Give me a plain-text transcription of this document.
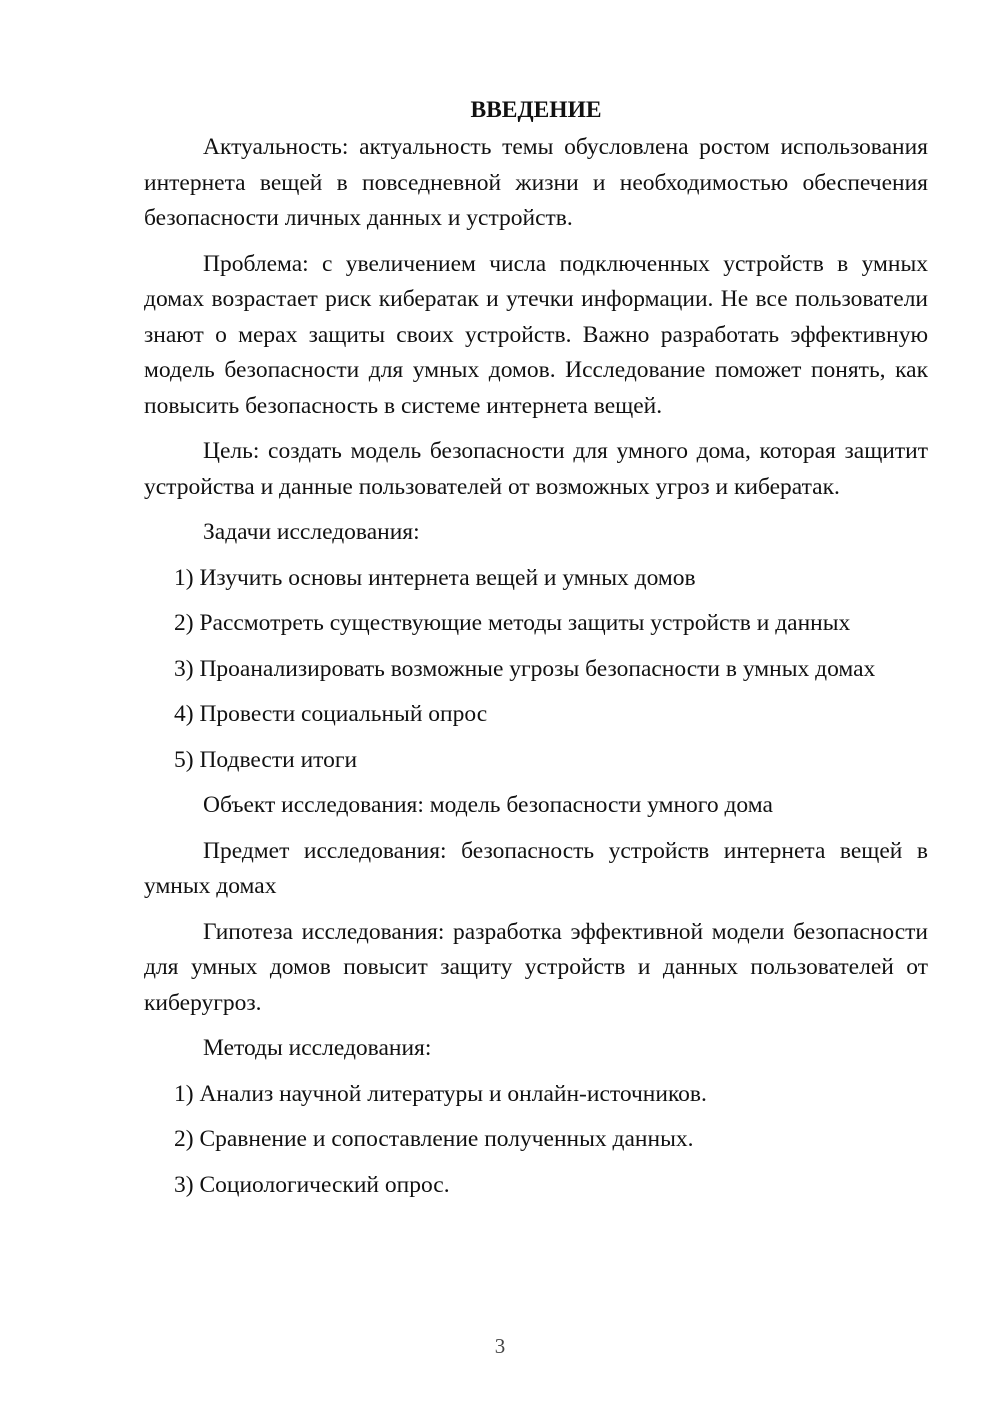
ВВЕДЕНИЕ

Актуальность: актуальность темы обусловлена ростом использования интернета вещей в повседневной жизни и необходимостью обеспечения безопасности личных данных и устройств.

Проблема: с увеличением числа подключенных устройств в умных домах возрастает риск кибератак и утечки информации. Не все пользователи знают о мерах защиты своих устройств. Важно разработать эффективную модель безопасности для умных домов. Исследование поможет понять, как повысить безопасность в системе интернета вещей.

Цель: создать модель безопасности для умного дома, которая защитит устройства и данные пользователей от возможных угроз и кибератак.

Задачи исследования:
1) Изучить основы интернета вещей и умных домов
2) Рассмотреть существующие методы защиты устройств и данных
3) Проанализировать возможные угрозы безопасности в умных домах
4) Провести социальный опрос
5) Подвести итоги
Объект исследования: модель безопасности умного дома

Предмет исследования: безопасность устройств интернета вещей в умных домах

Гипотеза исследования: разработка эффективной модели безопасности для умных домов повысит защиту устройств и данных пользователей от киберугроз.

Методы исследования:
1) Анализ научной литературы и онлайн-источников.
2) Сравнение и сопоставление полученных данных.
3) Социологический опрос.
3
